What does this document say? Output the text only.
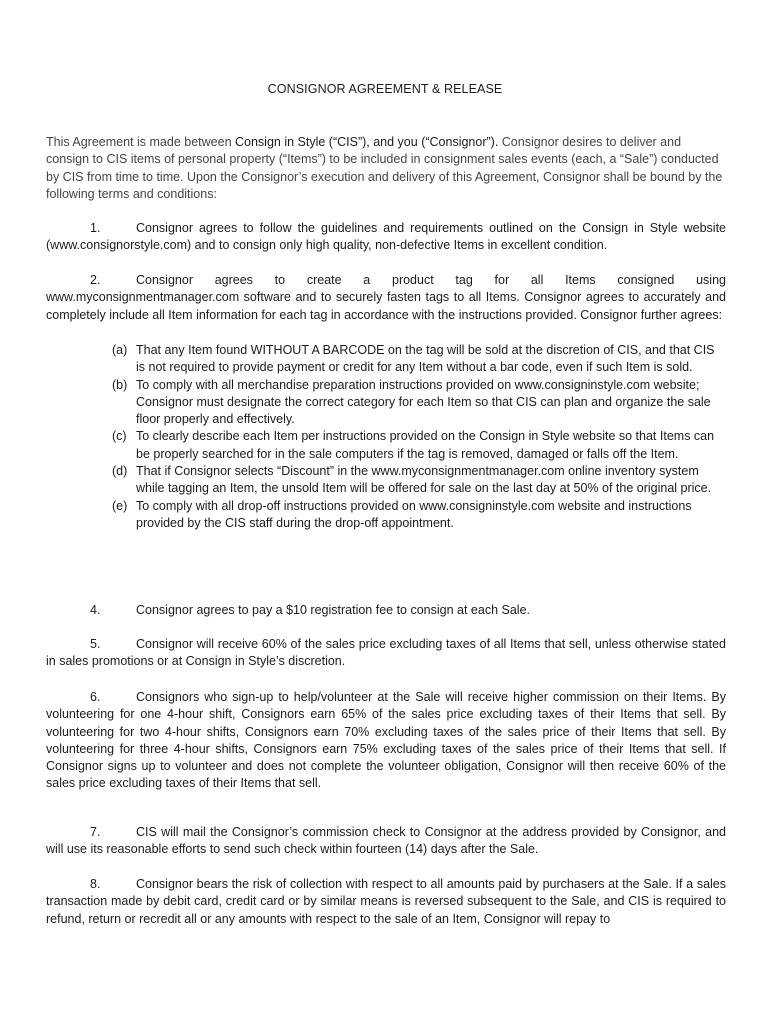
CONSIGNOR AGREEMENT & RELEASE
This Agreement is made between Consign in Style (“CIS”), and you (“Consignor”). Consignor desires to deliver and consign to CIS items of personal property (“Items”) to be included in consignment sales events (each, a “Sale”) conducted by CIS from time to time. Upon the Consignor’s execution and delivery of this Agreement, Consignor shall be bound by the following terms and conditions:
1.	Consignor agrees to follow the guidelines and requirements outlined on the Consign in Style website (www.consignorstyle.com) and to consign only high quality, non-defective Items in excellent condition.
2.	Consignor agrees to create a product tag for all Items consigned using
www.myconsignmentmanager.com software and to securely fasten tags to all Items. Consignor agrees to accurately and completely include all Item information for each tag in accordance with the instructions provided. Consignor further agrees:
(a) That any Item found WITHOUT A BARCODE on the tag will be sold at the discretion of CIS, and that CIS is not required to provide payment or credit for any Item without a bar code, even if such Item is sold.
(b) To comply with all merchandise preparation instructions provided on www.consigninstyle.com website; Consignor must designate the correct category for each Item so that CIS can plan and organize the sale floor properly and effectively.
(c) To clearly describe each Item per instructions provided on the Consign in Style website so that Items can be properly searched for in the sale computers if the tag is removed, damaged or falls off the Item.
(d) That if Consignor selects “Discount” in the www.myconsignmentmanager.com online inventory system while tagging an Item, the unsold Item will be offered for sale on the last day at 50% of the original price.
(e) To comply with all drop-off instructions provided on www.consigninstyle.com website and instructions provided by the CIS staff during the drop-off appointment.
4.	Consignor agrees to pay a $10 registration fee to consign at each Sale.
5.	Consignor will receive 60% of the sales price excluding taxes of all Items that sell, unless otherwise stated in sales promotions or at Consign in Style’s discretion.
6.	Consignors who sign-up to help/volunteer at the Sale will receive higher commission on their Items. By volunteering for one 4-hour shift, Consignors earn 65% of the sales price excluding taxes of their Items that sell. By volunteering for two 4-hour shifts, Consignors earn 70% excluding taxes of the sales price of their Items that sell. By volunteering for three 4-hour shifts, Consignors earn 75% excluding taxes of the sales price of their Items that sell. If Consignor signs up to volunteer and does not complete the volunteer obligation, Consignor will then receive 60% of the sales price excluding taxes of their Items that sell.
7.	CIS will mail the Consignor’s commission check to Consignor at the address provided by Consignor, and will use its reasonable efforts to send such check within fourteen (14) days after the Sale.
8.	Consignor bears the risk of collection with respect to all amounts paid by purchasers at the Sale. If a sales transaction made by debit card, credit card or by similar means is reversed subsequent to the Sale, and CIS is required to refund, return or recredit all or any amounts with respect to the sale of an Item, Consignor will repay to
